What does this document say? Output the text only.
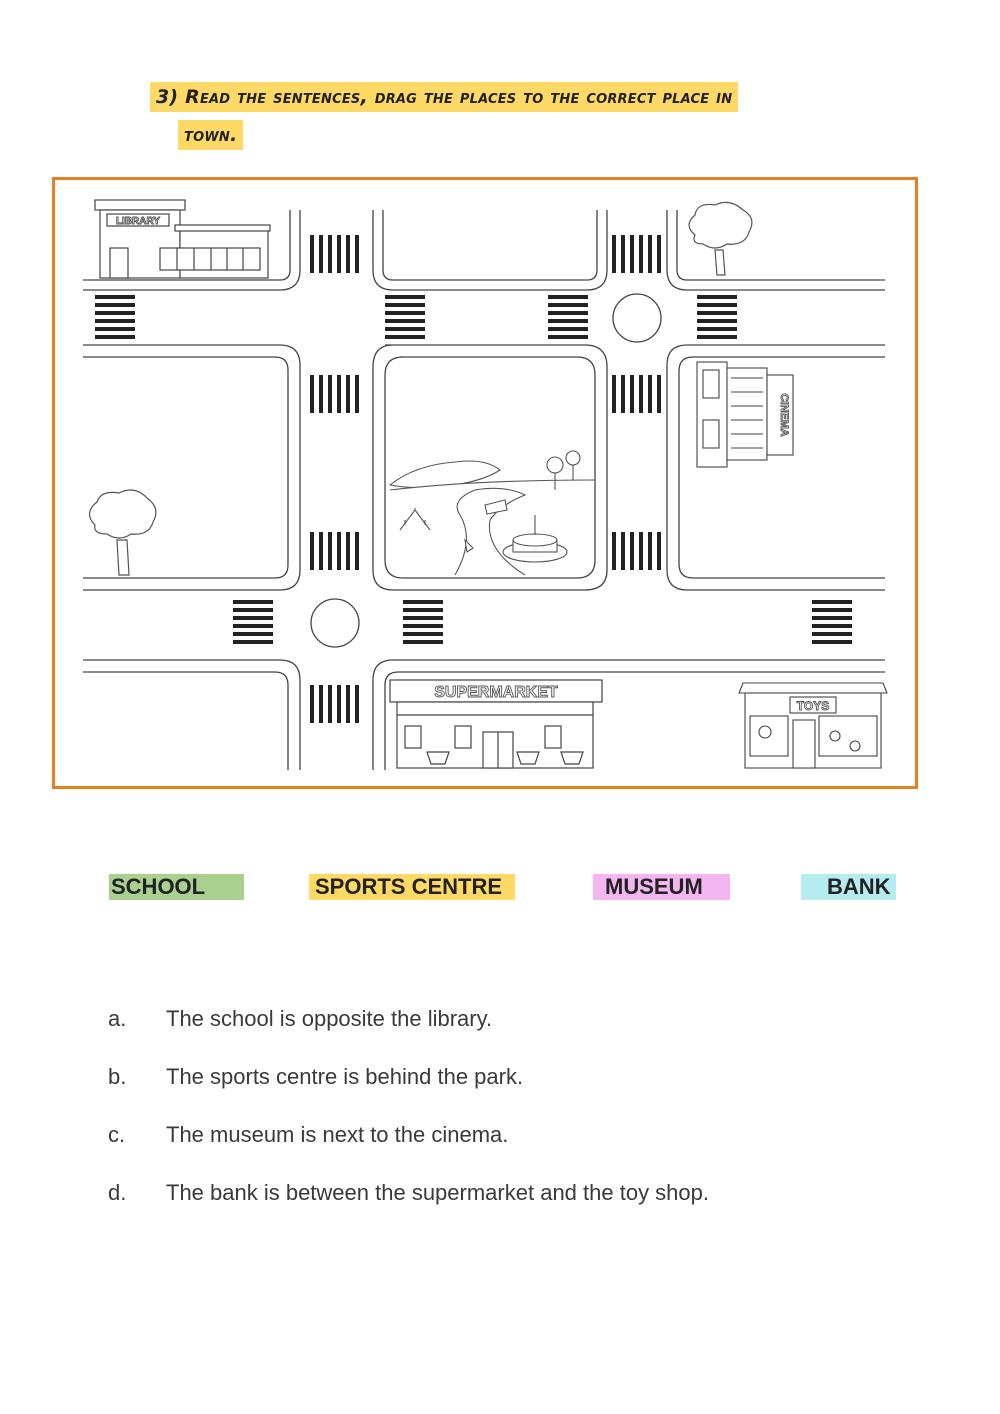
3) Read the sentences, drag the places to the correct place in
town.
LIBRARY
CINEMA
SUPERMARKET
TOYS
SCHOOL	SPORTS CENTRE	MUSEUM	BANK
a. The school is opposite the library.
b. The sports centre is behind the park.
c. The museum is next to the cinema.
d. The bank is between the supermarket and the toy shop.
